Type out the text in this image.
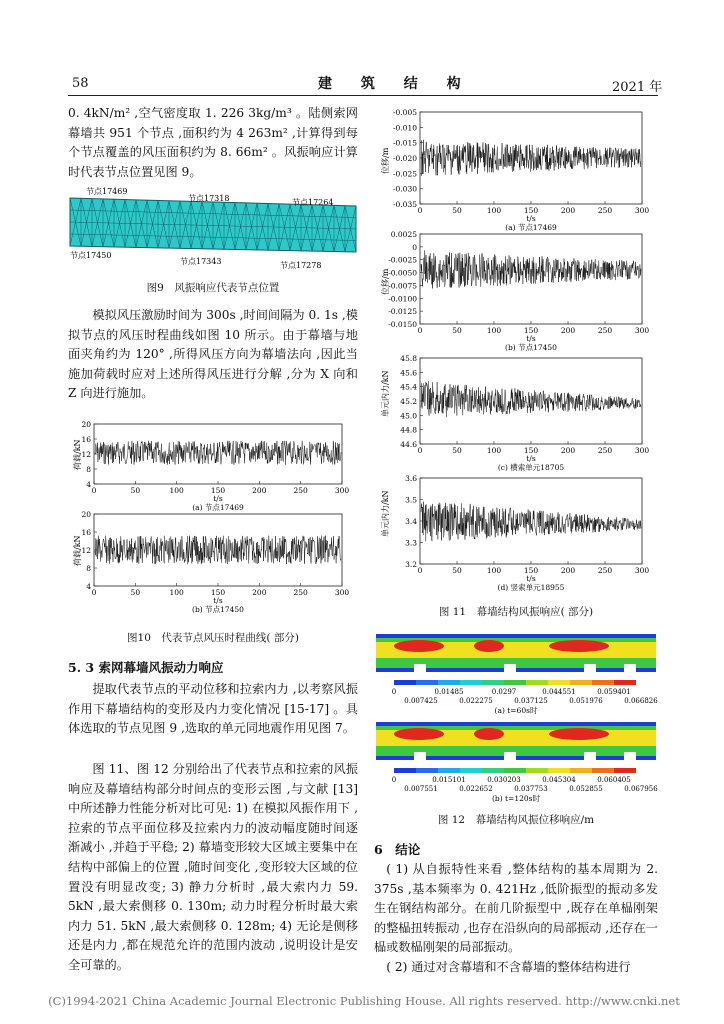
58	建 筑 结 构	2021 年

0. 4kN/m² ,空气密度取 1. 226 3kg/m³ 。陆侧索网幕墙共 951 个节点 ,面积约为 4 263m² ,计算得到每个节点覆盖的风压面积约为 8. 66m² 。风振响应计算时代表节点位置见图 9。

节点17469
节点17318	节点17264
节点17450
节点17343	节点17278
图9　风振响应代表节点位置

模拟风压激励时间为 300s ,时间间隔为 0. 1s ,模拟节点的风压时程曲线如图 10 所示。由于幕墙与地面夹角约为 120° ,所得风压方向为幕墙法向 ,因此当施加荷载时应对上述所得风压进行分解 ,分为 X 向和 Z 向进行施加。

20
16
12
8
4
0	50	100	150	200	250	300
t/s
(a) 节点17469
荷载/kN
20
16
12
8
4
0	50	100	150	200	250	300
t/s
(b) 节点17450
荷载/kN
图10　代表节点风压时程曲线( 部分)
5. 3 索网幕墙风振动力响应

提取代表节点的平动位移和拉索内力 ,以考察风振作用下幕墙结构的变形及内力变化情况 [15-17] 。具体选取的节点见图 9 ,选取的单元同地震作用见图 7。

图 11、图 12 分别给出了代表节点和拉索的风振响应及幕墙结构部分时间点的变形云图 ,与文献 [13]中所述静力性能分析对比可见: 1) 在模拟风振作用下 ,拉索的节点平面位移及拉索内力的波动幅度随时间逐渐减小 ,并趋于平稳; 2) 幕墙变形较大区域主要集中在结构中部偏上的位置 ,随时间变化 ,变形较大区域的位置没有明显改变; 3) 静力分析时 ,最大索内力 59. 5kN ,最大索侧移 0. 130m; 动力时程分析时最大索内力 51. 5kN ,最大索侧移 0. 128m; 4) 无论是侧移还是内力 ,都在规范允许的范围内波动 ,说明设计是安全可靠的。

-0.005
-0.010
-0.015
-0.020
-0.025
-0.030
-0.035
0	50	100	150	200	250	300
t/s
(a) 节点17469
位移/m
0.0025
0
-0.0025
-0.0050
-0.0075
-0.0100
-0.0125
-0.0150
0	50	100	150	200	250	300
t/s
(b) 节点17450
位移/m
45.8
45.6
45.4
45.2
45.0
44.8
44.6
0	50	100	150	200	250	300
t/s
(c) 横索单元18705
单元内力/kN
3.6
3.5
3.4
3.3
3.2
0	50	100	150	200	250	300
t/s
(d) 竖索单元18955
单元内力/kN
图 11　幕墙结构风振响应( 部分)
0	0.01485	0.0297	0.044551	0.059401
0.007425	0.022275	0.037125	0.051976	0.066826
(a) t=60s时
0	0.015101	0.030203	0.045304	0.060405
0.007551	0.022652	0.037753	0.052855	0.067956
(b) t=120s时
图 12　幕墙结构风振位移响应/m
6　结论

( 1) 从自振特性来看 ,整体结构的基本周期为 2. 375s ,基本频率为 0. 421Hz ,低阶振型的振动多发生在钢结构部分。在前几阶振型中 ,既存在单榀刚架的整榀扭转振动 ,也存在沿纵向的局部振动 ,还存在一榀或数榀刚架的局部振动。

( 2) 通过对含幕墙和不含幕墙的整体结构进行

(C)1994-2021 China Academic Journal Electronic Publishing House. All rights reserved. http://www.cnki.net
